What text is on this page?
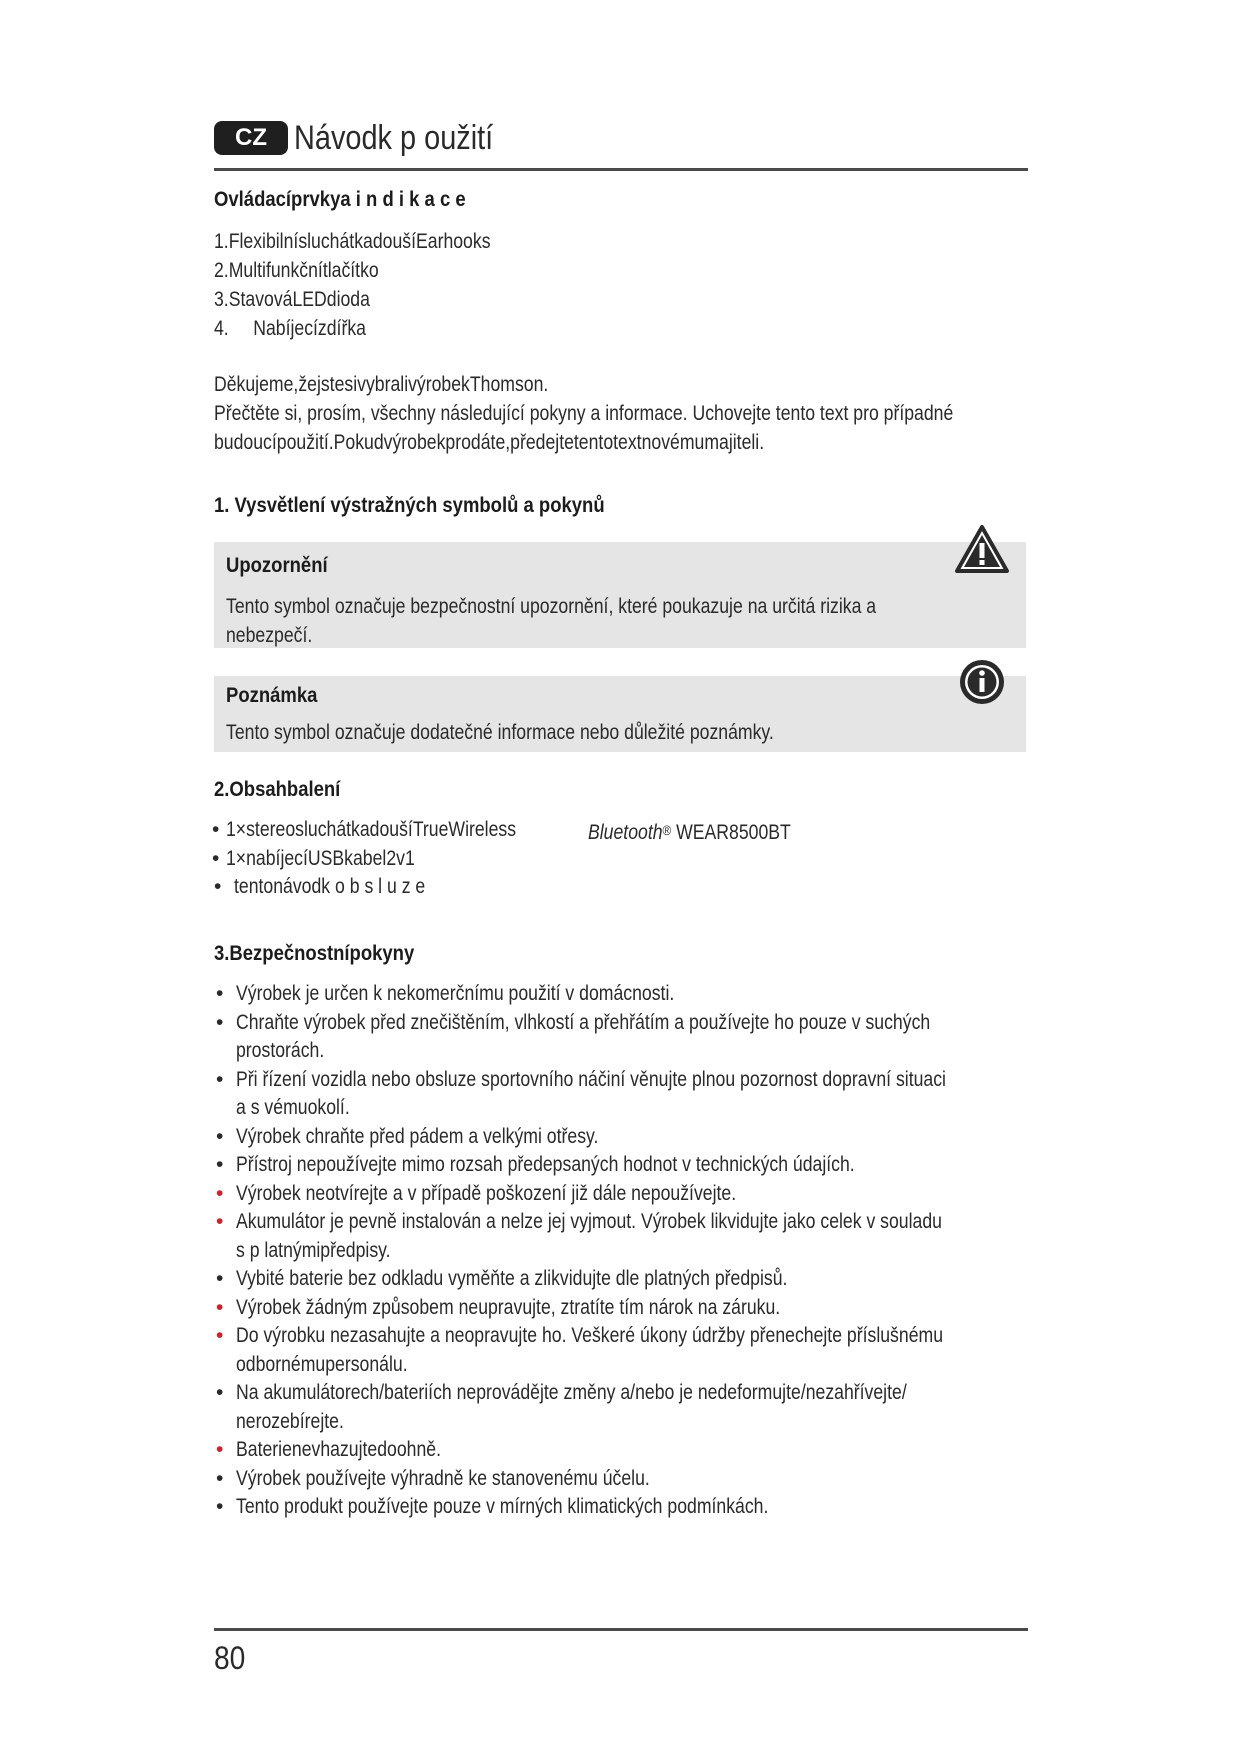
CZ Návodk p oužití
Ovládacíprvkya i n d i k a c e
1.FlexibilnísluchátkadoušíEarhooks
2.Multifunkčnítlačítko
3.StavováLEDdioda
4.     Nabíjecízdířka
Děkujeme,žejstesivybralivýrobekThomson.
Přečtěte si, prosím, všechny následující pokyny a informace. Uchovejte tento text pro případné
budoucípoužití.Pokudvýrobekprodáte,předejtetentotextnovémumajiteli.
1. Vysvětlení výstražných symbolů a pokynů
Upozornění
Tento symbol označuje bezpečnostní upozornění, které poukazuje na určitá rizika a
nebezpečí.
Poznámka
Tento symbol označuje dodatečné informace nebo důležité poznámky.
2.Obsahbalení
• 1×stereosluchátkadoušíTrueWireless
• 1×nabíjecíUSBkabel2v1
• tentonávodk o b s l u z e
Bluetooth® WEAR8500BT
3.Bezpečnostnípokyny
• Výrobek je určen k nekomerčnímu použití v domácnosti.
• Chraňte výrobek před znečištěním, vlhkostí a přehřátím a používejte ho pouze v suchých
prostorách.
• Při řízení vozidla nebo obsluze sportovního náčiní věnujte plnou pozornost dopravní situaci
a s vémuokolí.
• Výrobek chraňte před pádem a velkými otřesy.
• Přístroj nepoužívejte mimo rozsah předepsaných hodnot v technických údajích.
• Výrobek neotvírejte a v případě poškození již dále nepoužívejte.
• Akumulátor je pevně instalován a nelze jej vyjmout. Výrobek likvidujte jako celek v souladu
s p latnýmipředpisy.
• Vybité baterie bez odkladu vyměňte a zlikvidujte dle platných předpisů.
• Výrobek žádným způsobem neupravujte, ztratíte tím nárok na záruku.
• Do výrobku nezasahujte a neopravujte ho. Veškeré úkony údržby přenechejte příslušnému
odbornémupersonálu.
• Na akumulátorech/bateriích neprovádějte změny a/nebo je nedeformujte/nezahřívejte/
nerozebírejte.
• Baterienevhazujtedoohně.
• Výrobek používejte výhradně ke stanovenému účelu.
• Tento produkt používejte pouze v mírných klimatických podmínkách.
80
